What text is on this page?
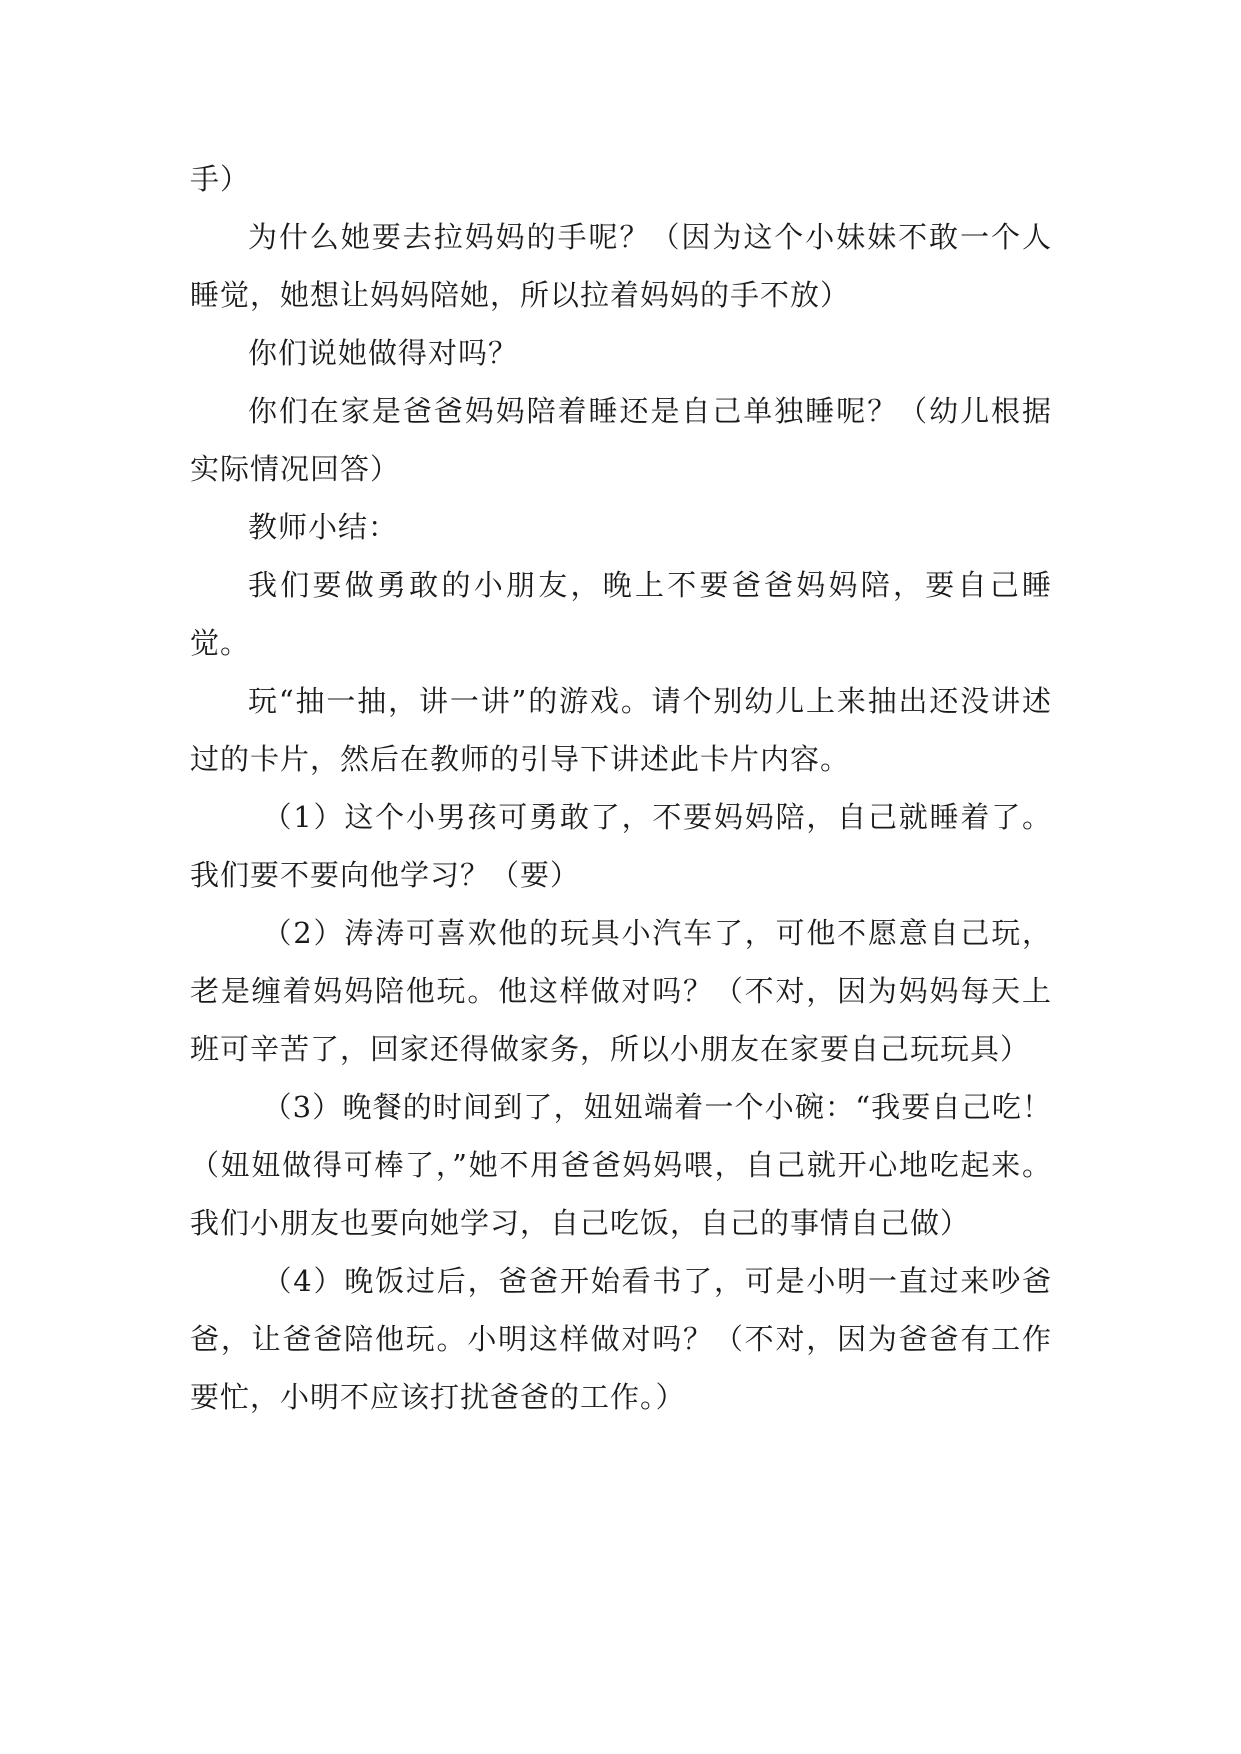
手）

为什么她要去拉妈妈的手呢？（因为这个小妹妹不敢一个人睡觉，她想让妈妈陪她，所以拉着妈妈的手不放）

你们说她做得对吗？

你们在家是爸爸妈妈陪着睡还是自己单独睡呢？（幼儿根据实际情况回答）

教师小结：

我们要做勇敢的小朋友，晚上不要爸爸妈妈陪，要自己睡觉。

玩“抽一抽，讲一讲”的游戏。请个别幼儿上来抽出还没讲述过的卡片，然后在教师的引导下讲述此卡片内容。

（1）这个小男孩可勇敢了，不要妈妈陪，自己就睡着了。我们要不要向他学习？（要）

（2）涛涛可喜欢他的玩具小汽车了，可他不愿意自己玩，老是缠着妈妈陪他玩。他这样做对吗？（不对，因为妈妈每天上班可辛苦了，回家还得做家务，所以小朋友在家要自己玩玩具）

（3）晚餐的时间到了，妞妞端着一个小碗：“我要自己吃！（妞妞做得可棒了，”她不用爸爸妈妈喂，自己就开心地吃起来。我们小朋友也要向她学习，自己吃饭，自己的事情自己做）

（4）晚饭过后，爸爸开始看书了，可是小明一直过来吵爸爸，让爸爸陪他玩。小明这样做对吗？（不对，因为爸爸有工作要忙，小明不应该打扰爸爸的工作。）
